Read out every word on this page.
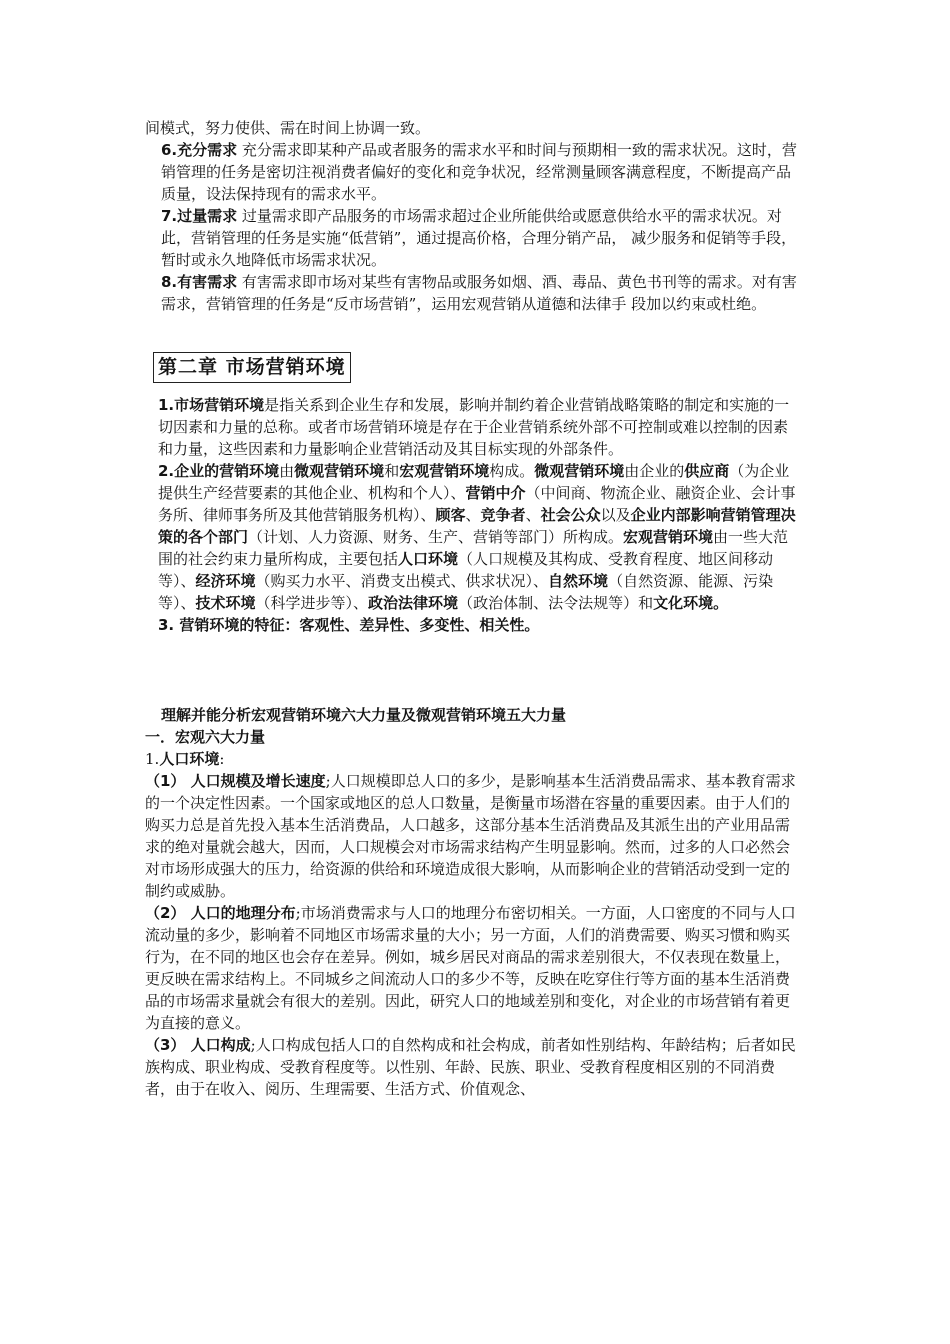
间模式，努力使供、需在时间上协调一致。

6.充分需求 充分需求即某种产品或者服务的需求水平和时间与预期相一致的需求状况。这时，营销管理的任务是密切注视消费者偏好的变化和竞争状况，经常测量顾客满意程度，不断提高产品质量，设法保持现有的需求水平。

7.过量需求 过量需求即产品服务的市场需求超过企业所能供给或愿意供给水平的需求状况。对此，营销管理的任务是实施“低营销”，通过提高价格，合理分销产品， 减少服务和促销等手段，暂时或永久地降低市场需求状况。

8.有害需求 有害需求即市场对某些有害物品或服务如烟、酒、毒品、黄色书刊等的需求。对有害需求，营销管理的任务是“反市场营销”，运用宏观营销从道德和法律手 段加以约束或杜绝。

第二章 市场营销环境

1.市场营销环境是指关系到企业生存和发展，影响并制约着企业营销战略策略的制定和实施的一切因素和力量的总称。或者市场营销环境是存在于企业营销系统外部不可控制或难以控制的因素和力量，这些因素和力量影响企业营销活动及其目标实现的外部条件。

2.企业的营销环境由微观营销环境和宏观营销环境构成。微观营销环境由企业的供应商（为企业提供生产经营要素的其他企业、机构和个人）、营销中介（中间商、物流企业、融资企业、会计事务所、律师事务所及其他营销服务机构）、顾客、竞争者、社会公众以及企业内部影响营销管理决策的各个部门（计划、人力资源、财务、生产、营销等部门）所构成。宏观营销环境由一些大范围的社会约束力量所构成，主要包括人口环境（人口规模及其构成、受教育程度、地区间移动等）、经济环境（购买力水平、消费支出模式、供求状况）、自然环境（自然资源、能源、污染等）、技术环境（科学进步等）、政治法律环境（政治体制、法令法规等）和文化环境。

3. 营销环境的特征：客观性、差异性、多变性、相关性。

理解并能分析宏观营销环境六大力量及微观营销环境五大力量

一．宏观六大力量

1.人口环境:

（1） 人口规模及增长速度;人口规模即总人口的多少，是影响基本生活消费品需求、基本教育需求的一个决定性因素。一个国家或地区的总人口数量，是衡量市场潜在容量的重要因素。由于人们的购买力总是首先投入基本生活消费品，人口越多，这部分基本生活消费品及其派生出的产业用品需求的绝对量就会越大，因而，人口规模会对市场需求结构产生明显影响。然而，过多的人口必然会对市场形成强大的压力，给资源的供给和环境造成很大影响，从而影响企业的营销活动受到一定的制约或威胁。

（2） 人口的地理分布;市场消费需求与人口的地理分布密切相关。一方面，人口密度的不同与人口流动量的多少，影响着不同地区市场需求量的大小；另一方面，人们的消费需要、购买习惯和购买行为，在不同的地区也会存在差异。例如，城乡居民对商品的需求差别很大，不仅表现在数量上，更反映在需求结构上。不同城乡之间流动人口的多少不等，反映在吃穿住行等方面的基本生活消费品的市场需求量就会有很大的差别。因此，研究人口的地域差别和变化，对企业的市场营销有着更为直接的意义。

（3） 人口构成;人口构成包括人口的自然构成和社会构成，前者如性别结构、年龄结构；后者如民族构成、职业构成、受教育程度等。以性别、年龄、民族、职业、受教育程度相区别的不同消费者，由于在收入、阅历、生理需要、生活方式、价值观念、
